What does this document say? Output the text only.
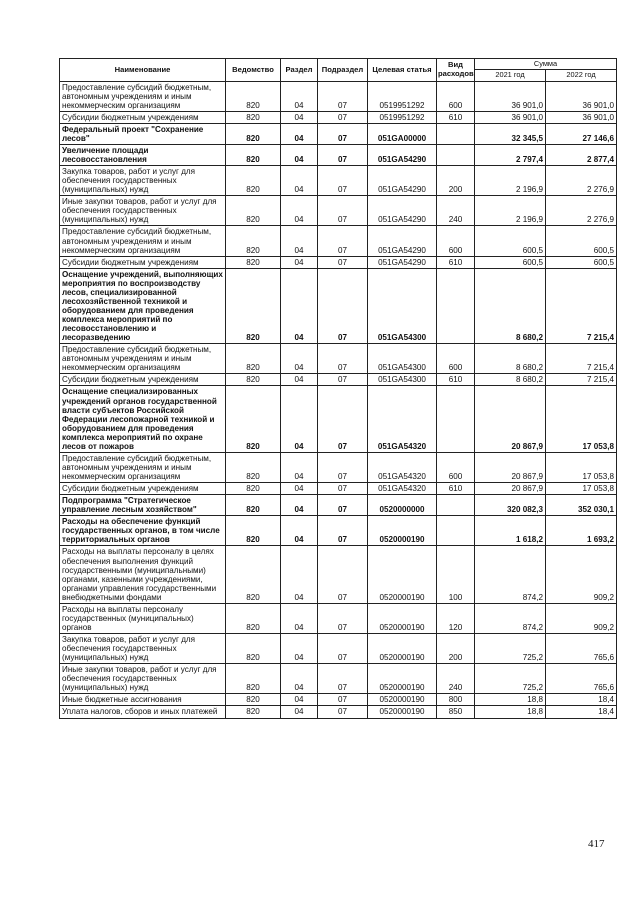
Наименование	Ведомство	Раздел	Подраздел	Целевая статья	Вид расходов	Сумма	
						2021 год	2022 год
Предоставление субсидий бюджетным, автономным учреждениям и иным некоммерческим организациям	820	04	07	0519951292	600	36 901,0	36 901,0
Субсидии бюджетным учреждениям	820	04	07	0519951292	610	36 901,0	36 901,0
Федеральный проект "Сохранение лесов"	820	04	07	051GA00000		32 345,5	27 146,6
Увеличение площади лесовосстановления	820	04	07	051GA54290		2 797,4	2 877,4
Закупка товаров, работ и услуг для обеспечения государственных (муниципальных) нужд	820	04	07	051GA54290	200	2 196,9	2 276,9
Иные закупки товаров, работ и услуг для обеспечения государственных (муниципальных) нужд	820	04	07	051GA54290	240	2 196,9	2 276,9
Предоставление субсидий бюджетным, автономным учреждениям и иным некоммерческим организациям	820	04	07	051GA54290	600	600,5	600,5
Субсидии бюджетным учреждениям	820	04	07	051GA54290	610	600,5	600,5
Оснащение учреждений, выполняющих мероприятия по воспроизводству лесов, специализированной лесохозяйственной техникой и оборудованием для проведения комплекса мероприятий по лесовосстановлению и лесоразведению	820	04	07	051GA54300		8 680,2	7 215,4
Предоставление субсидий бюджетным, автономным учреждениям и иным некоммерческим организациям	820	04	07	051GA54300	600	8 680,2	7 215,4
Субсидии бюджетным учреждениям	820	04	07	051GA54300	610	8 680,2	7 215,4
Оснащение специализированных учреждений органов государственной власти субъектов Российской Федерации лесопожарной техникой и оборудованием для проведения комплекса мероприятий по охране лесов от пожаров	820	04	07	051GA54320		20 867,9	17 053,8
Предоставление субсидий бюджетным, автономным учреждениям и иным некоммерческим организациям	820	04	07	051GA54320	600	20 867,9	17 053,8
Субсидии бюджетным учреждениям	820	04	07	051GA54320	610	20 867,9	17 053,8
Подпрограмма "Стратегическое управление лесным хозяйством"	820	04	07	0520000000		320 082,3	352 030,1
Расходы на обеспечение функций государственных органов, в том числе территориальных органов	820	04	07	0520000190		1 618,2	1 693,2
Расходы на выплаты персоналу в целях обеспечения выполнения функций государственными (муниципальными) органами, казенными учреждениями, органами управления государственными внебюджетными фондами	820	04	07	0520000190	100	874,2	909,2
Расходы на выплаты персоналу государственных (муниципальных) органов	820	04	07	0520000190	120	874,2	909,2
Закупка товаров, работ и услуг для обеспечения государственных (муниципальных) нужд	820	04	07	0520000190	200	725,2	765,6
Иные закупки товаров, работ и услуг для обеспечения государственных (муниципальных) нужд	820	04	07	0520000190	240	725,2	765,6
Иные бюджетные ассигнования	820	04	07	0520000190	800	18,8	18,4
Уплата налогов, сборов и иных платежей	820	04	07	0520000190	850	18,8	18,4
417
